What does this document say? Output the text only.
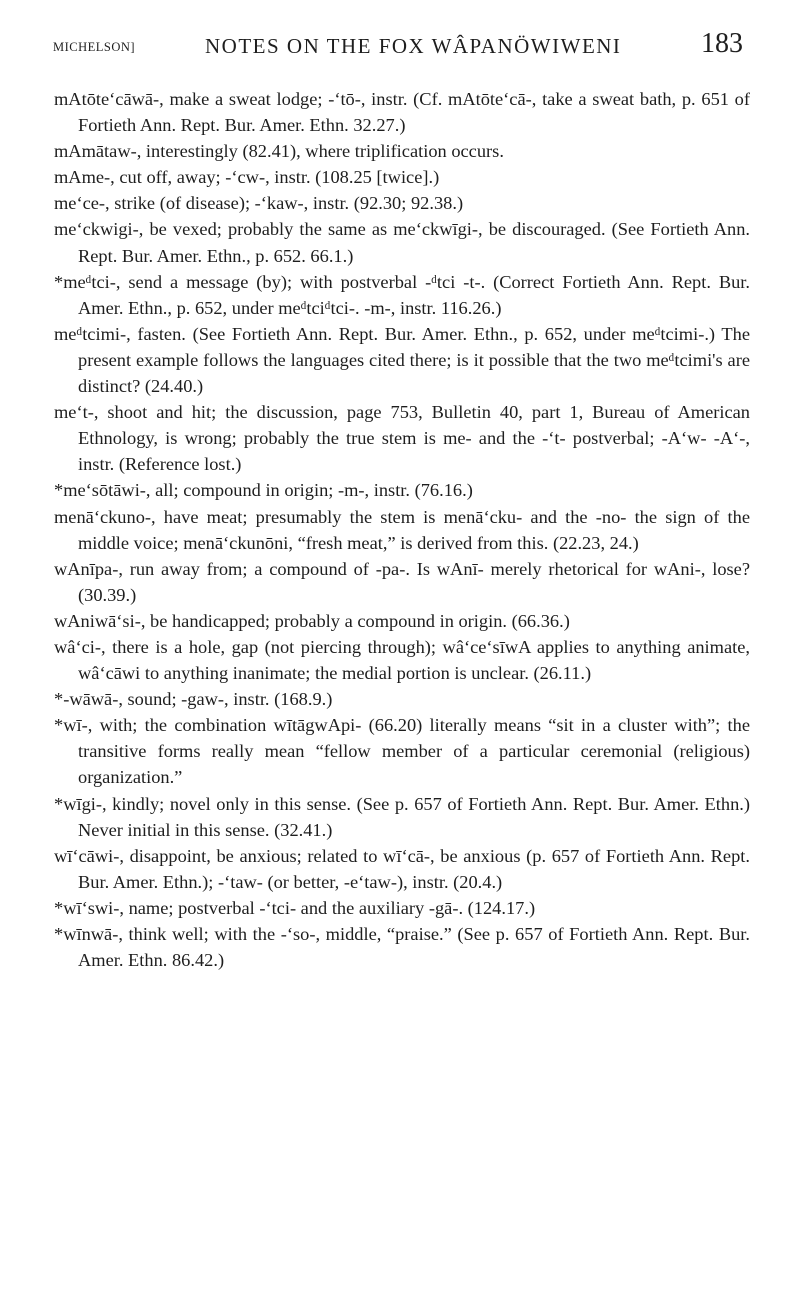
MICHELSON]	NOTES ON THE FOX WÂPANÖWIWENI	183

mAtōteʻcāwā-, make a sweat lodge; -ʻtō-, instr. (Cf. mAtōteʻcā-, take a sweat bath, p. 651 of Fortieth Ann. Rept. Bur. Amer. Ethn. 32.27.)

mAmātaw-, interestingly (82.41), where triplification occurs.

mAme-, cut off, away; -ʻcw-, instr. (108.25 [twice].)

meʻce-, strike (of disease); -ʻkaw-, instr. (92.30; 92.38.)

meʻckwigi-, be vexed; probably the same as meʻckwīgi-, be discouraged. (See Fortieth Ann. Rept. Bur. Amer. Ethn., p. 652. 66.1.)

*meᵈtci-, send a message (by); with postverbal -ᵈtci -t-. (Correct Fortieth Ann. Rept. Bur. Amer. Ethn., p. 652, under meᵈtciᵈtci-. -m-, instr. 116.26.)

meᵈtcimi-, fasten. (See Fortieth Ann. Rept. Bur. Amer. Ethn., p. 652, under meᵈtcimi-.) The present example follows the languages cited there; is it possible that the two meᵈtcimi's are distinct? (24.40.)

meʻt-, shoot and hit; the discussion, page 753, Bulletin 40, part 1, Bureau of American Ethnology, is wrong; probably the true stem is me- and the -ʻt- postverbal; -Aʻw- -Aʻ-, instr. (Reference lost.)

*meʻsōtāwi-, all; compound in origin; -m-, instr. (76.16.)

menāʻckuno-, have meat; presumably the stem is menāʻcku- and the -no- the sign of the middle voice; menāʻckunōni, “fresh meat,” is derived from this. (22.23, 24.)

wAnīpa-, run away from; a compound of -pa-. Is wAnī- merely rhetorical for wAni-, lose? (30.39.)

wAniwāʻsi-, be handicapped; probably a compound in origin. (66.36.)

wâʻci-, there is a hole, gap (not piercing through); wâʻceʻsīwA applies to anything animate, wâʻcāwi to anything inanimate; the medial portion is unclear. (26.11.)

*-wāwā-, sound; -gaw-, instr. (168.9.)

*wī-, with; the combination wītāgwApi- (66.20) literally means “sit in a cluster with”; the transitive forms really mean “fellow member of a particular ceremonial (religious) organization.”

*wīgi-, kindly; novel only in this sense. (See p. 657 of Fortieth Ann. Rept. Bur. Amer. Ethn.) Never initial in this sense. (32.41.)

wīʻcāwi-, disappoint, be anxious; related to wīʻcā-, be anxious (p. 657 of Fortieth Ann. Rept. Bur. Amer. Ethn.); -ʻtaw- (or better, -eʻtaw-), instr. (20.4.)

*wīʻswi-, name; postverbal -ʻtci- and the auxiliary -gā-. (124.17.)

*wīnwā-, think well; with the -ʻso-, middle, “praise.” (See p. 657 of Fortieth Ann. Rept. Bur. Amer. Ethn. 86.42.)
